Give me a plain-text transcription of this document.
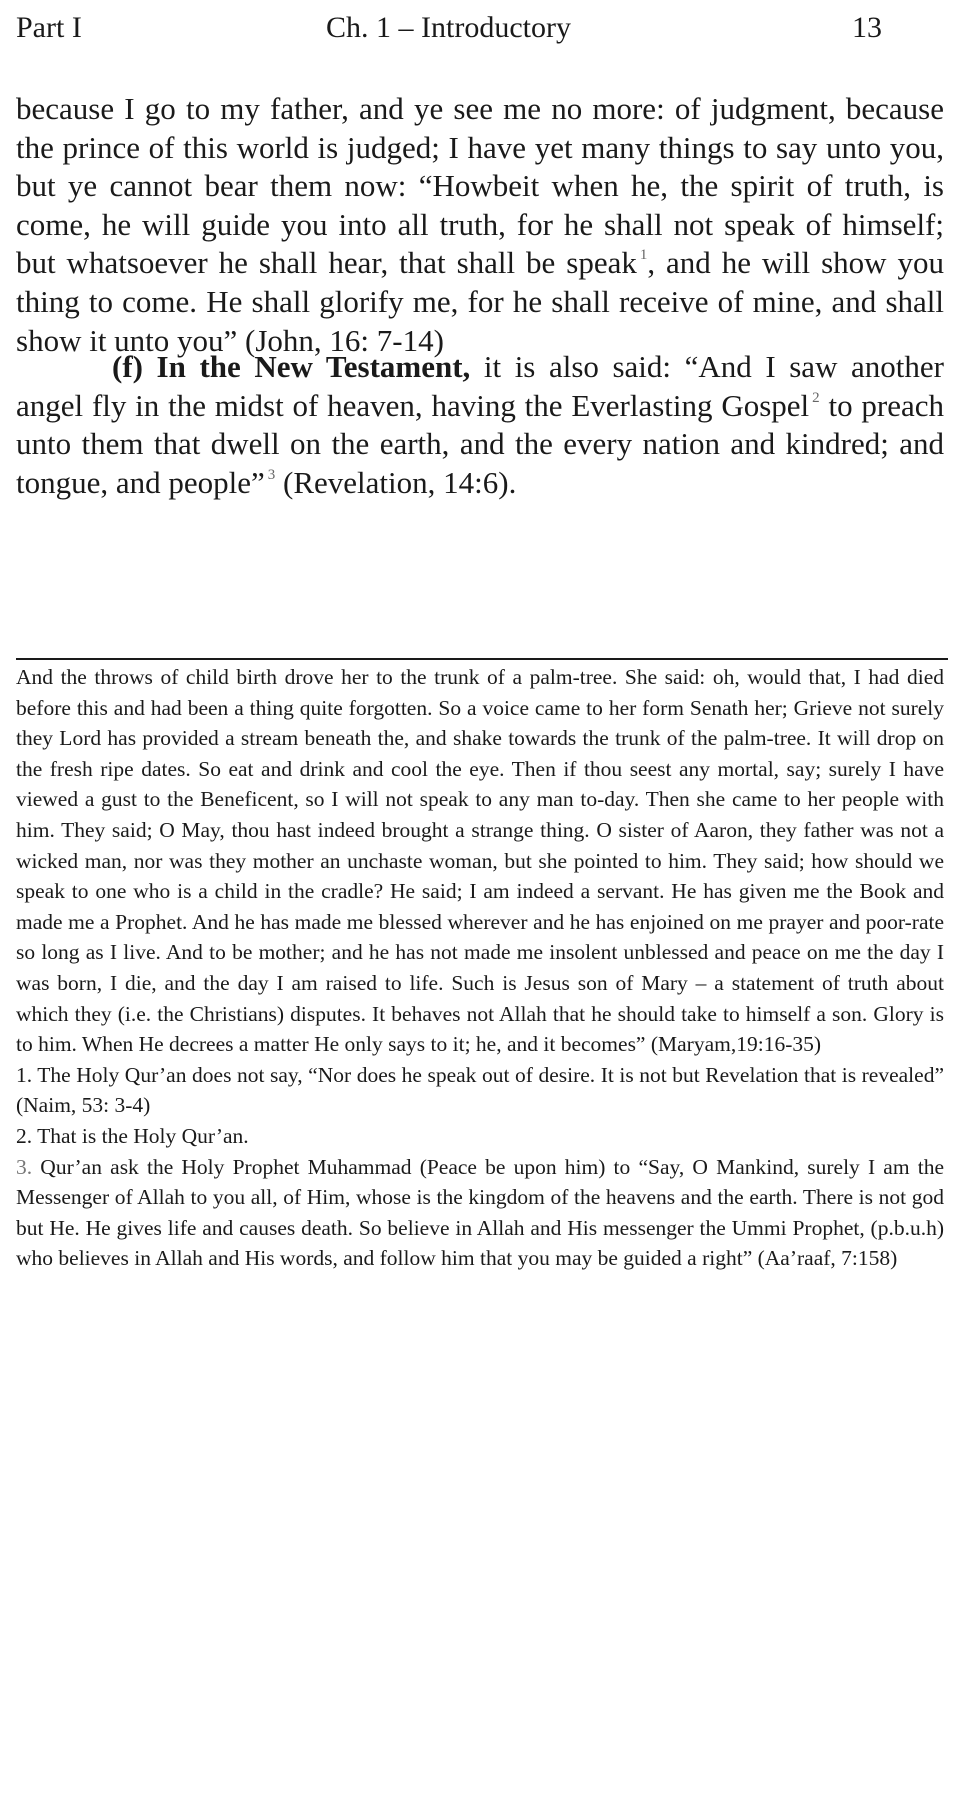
Part I	Ch. 1 – Introductory	13
because I go to my father, and ye see me no more: of judgment, because the prince of this world is judged; I have yet many things to say unto you, but ye cannot bear them now: “Howbeit when he, the spirit of truth, is come, he will guide you into all truth, for he shall not speak of himself; but whatsoever he shall hear, that shall be speak $^1$, and he will show you thing to come. He shall glorify me, for he shall receive of mine, and shall show it unto you” (John, 16: 7-14)
(f) In the New Testament, it is also said: “And I saw another angel fly in the midst of heaven, having the Everlasting Gospel $^2$ to preach unto them that dwell on the earth, and the every nation and kindred; and tongue, and people” $^3$ (Revelation, 14:6).

And the throws of child birth drove her to the trunk of a palm-tree. She said: oh, would that, I had died before this and had been a thing quite forgotten. So a voice came to her form Senath her; Grieve not surely they Lord has provided a stream beneath the, and shake towards the trunk of the palm-tree. It will drop on the fresh ripe dates. So eat and drink and cool the eye. Then if thou seest any mortal, say; surely I have viewed a gust to the Beneficent, so I will not speak to any man to-day. Then she came to her people with him. They said; O May, thou hast indeed brought a strange thing. O sister of Aaron, they father was not a wicked man, nor was they mother an unchaste woman, but she pointed to him. They said; how should we speak to one who is a child in the cradle? He said; I am indeed a servant. He has given me the Book and made me a Prophet. And he has made me blessed wherever and he has enjoined on me prayer and poor-rate so long as I live. And to be mother; and he has not made me insolent unblessed and peace on me the day I was born, I die, and the day I am raised to life. Such is Jesus son of Mary – a statement of truth about which they (i.e. the Christians) disputes. It behaves not Allah that he should take to himself a son. Glory is to him. When He decrees a matter He only says to it; he, and it becomes” (Maryam,19:16-35)

1. The Holy Qur’an does not say, “Nor does he speak out of desire. It is not but Revelation that is revealed” (Naim, 53: 3-4)

2. That is the Holy Qur’an.

3. Qur’an ask the Holy Prophet Muhammad (Peace be upon him) to “Say, O Mankind, surely I am the Messenger of Allah to you all, of Him, whose is the kingdom of the heavens and the earth. There is not god but He. He gives life and causes death. So believe in Allah and His messenger the Ummi Prophet, (p.b.u.h) who believes in Allah and His words, and follow him that you may be guided a right” (Aa’raaf, 7:158)
